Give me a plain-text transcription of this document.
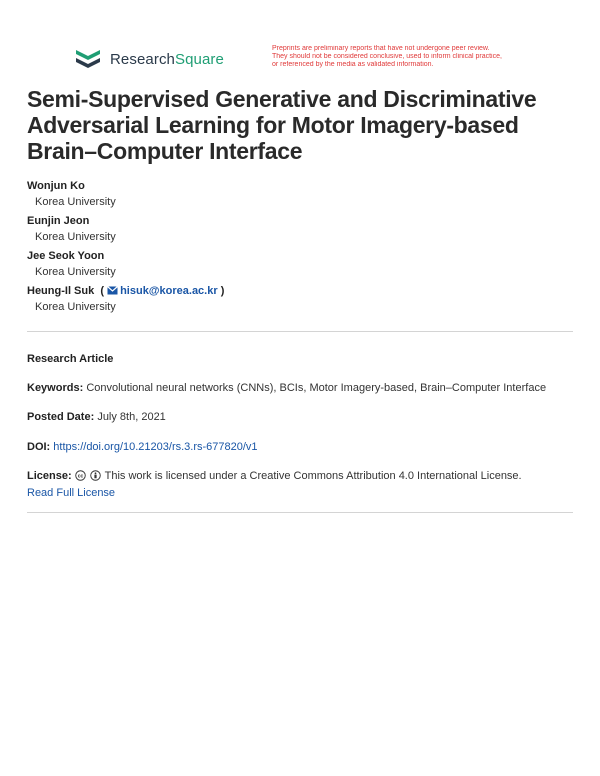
ResearchSquare
Preprints are preliminary reports that have not undergone peer review.
They should not be considered conclusive, used to inform clinical practice,
or referenced by the media as validated information.
Semi-Supervised Generative and Discriminative Adversarial Learning for Motor Imagery-based Brain–Computer Interface
Wonjun Ko
Korea University
Eunjin Jeon
Korea University
Jee Seok Yoon
Korea University
Heung-Il Suk  ( hisuk@korea.ac.kr )
Korea University
Research Article
Keywords: Convolutional neural networks (CNNs), BCIs, Motor Imagery-based, Brain–Computer Interface
Posted Date: July 8th, 2021
DOI: https://doi.org/10.21203/rs.3.rs-677820/v1
License: cc This work is licensed under a Creative Commons Attribution 4.0 International License.
Read Full License
